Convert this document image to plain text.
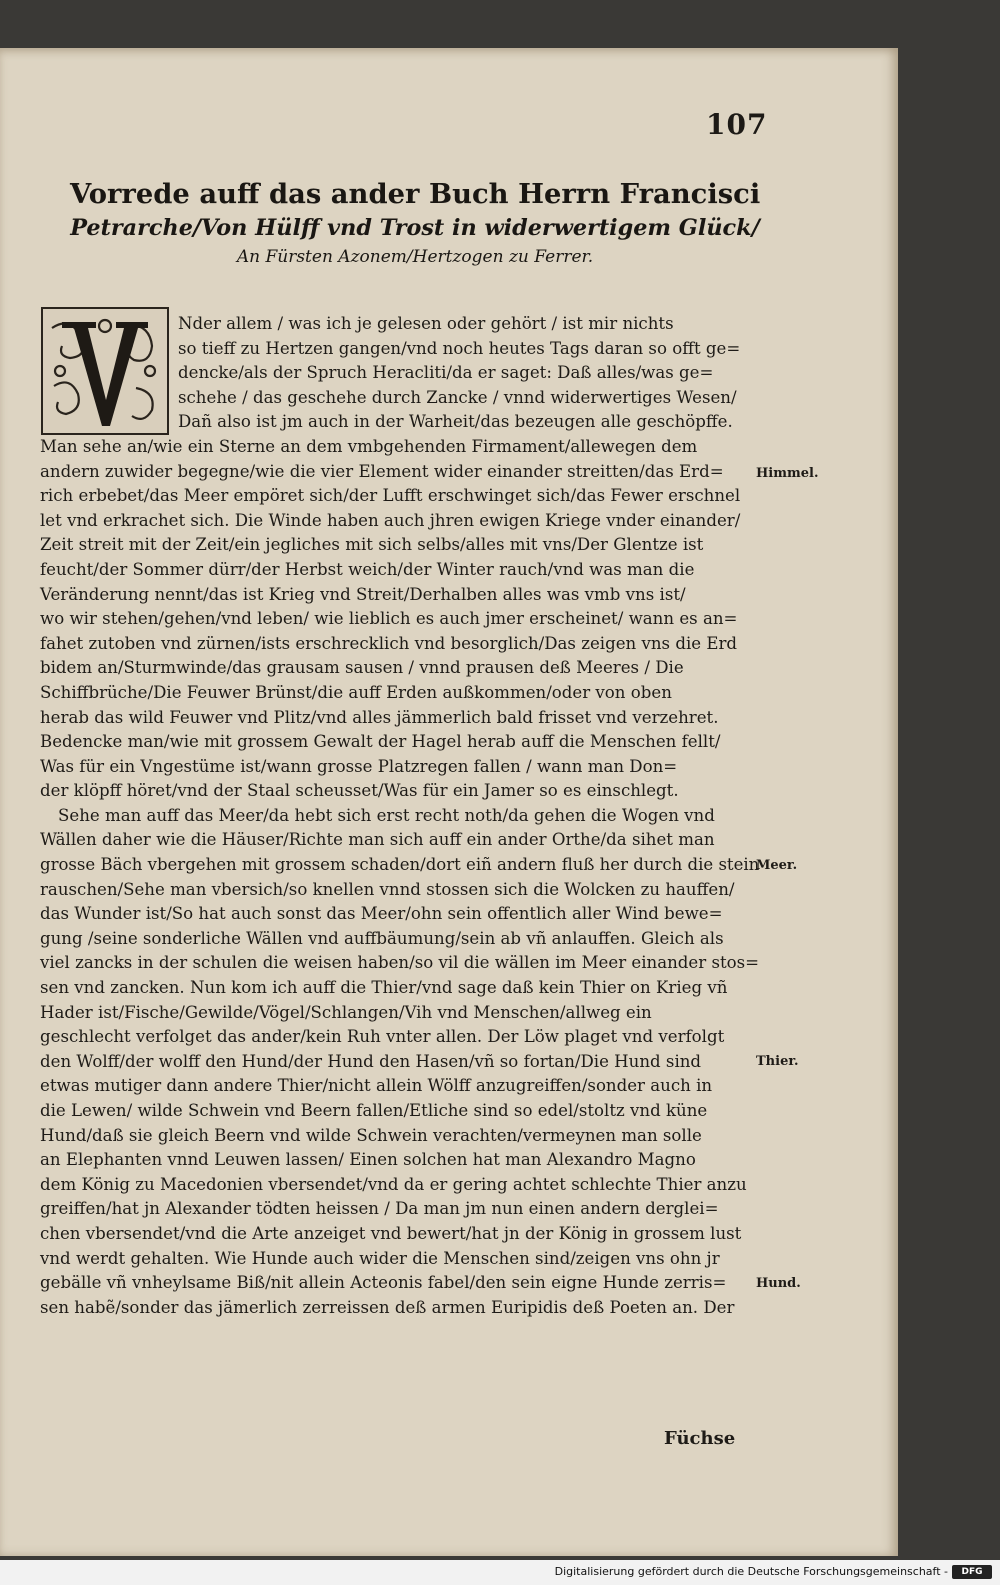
107
Vorrede auff das ander Buch Herrn Francisci
Petrarche/Von Hülff vnd Trost in widerwertigem Glück/
An Fürsten Azonem/Hertzogen zu Ferrer.
Nder allem / was ich je gelesen oder gehört / ist mir nichts
so tieff zu Hertzen gangen/vnd noch heutes Tags daran so offt ge=
dencke/als der Spruch Heracliti/da er saget: Daß alles/was ge=
schehe / das geschehe durch Zancke / vnnd widerwertiges Wesen/
Dañ also ist jm auch in der Warheit/das bezeugen alle geschöpffe.
Man sehe an/wie ein Sterne an dem vmbgehenden Firmament/allewegen dem
andern zuwider begegne/wie die vier Element wider einander streitten/das Erd=
rich erbebet/das Meer empöret sich/der Lufft erschwinget sich/das Fewer erschnel
let vnd erkrachet sich. Die Winde haben auch jhren ewigen Kriege vnder einander/
Zeit streit mit der Zeit/ein jegliches mit sich selbs/alles mit vns/Der Glentze ist
feucht/der Sommer dürr/der Herbst weich/der Winter rauch/vnd was man die
Veränderung nennt/das ist Krieg vnd Streit/Derhalben alles was vmb vns ist/
wo wir stehen/gehen/vnd leben/ wie lieblich es auch jmer erscheinet/ wann es an=
fahet zutoben vnd zürnen/ists erschrecklich vnd besorglich/Das zeigen vns die Erd
bidem an/Sturmwinde/das grausam sausen / vnnd prausen deß Meeres / Die
Schiffbrüche/Die Feuwer Brünst/die auff Erden außkommen/oder von oben
herab das wild Feuwer vnd Plitz/vnd alles jämmerlich bald frisset vnd verzehret.
Bedencke man/wie mit grossem Gewalt der Hagel herab auff die Menschen fellt/
Was für ein Vngestüme ist/wann grosse Platzregen fallen / wann man Don=
der klöpff höret/vnd der Staal scheusset/Was für ein Jamer so es einschlegt.
Sehe man auff das Meer/da hebt sich erst recht noth/da gehen die Wogen vnd
Wällen daher wie die Häuser/Richte man sich auff ein ander Orthe/da sihet man
grosse Bäch vbergehen mit grossem schaden/dort eiñ andern fluß her durch die stein
rauschen/Sehe man vbersich/so knellen vnnd stossen sich die Wolcken zu hauffen/
das Wunder ist/So hat auch sonst das Meer/ohn sein offentlich aller Wind bewe=
gung /seine sonderliche Wällen vnd auffbäumung/sein ab vñ anlauffen. Gleich als
viel zancks in der schulen die weisen haben/so vil die wällen im Meer einander stos=
sen vnd zancken. Nun kom ich auff die Thier/vnd sage daß kein Thier on Krieg vñ
Hader ist/Fische/Gewilde/Vögel/Schlangen/Vih vnd Menschen/allweg ein
geschlecht verfolget das ander/kein Ruh vnter allen. Der Löw plaget vnd verfolgt
den Wolff/der wolff den Hund/der Hund den Hasen/vñ so fortan/Die Hund sind
etwas mutiger dann andere Thier/nicht allein Wölff anzugreiffen/sonder auch in
die Lewen/ wilde Schwein vnd Beern fallen/Etliche sind so edel/stoltz vnd küne
Hund/daß sie gleich Beern vnd wilde Schwein verachten/vermeynen man solle
an Elephanten vnnd Leuwen lassen/ Einen solchen hat man Alexandro Magno
dem König zu Macedonien vbersendet/vnd da er gering achtet schlechte Thier anzu
greiffen/hat jn Alexander tödten heissen / Da man jm nun einen andern derglei=
chen vbersendet/vnd die Arte anzeiget vnd bewert/hat jn der König in grossem lust
vnd werdt gehalten. Wie Hunde auch wider die Menschen sind/zeigen vns ohn jr
gebälle vñ vnheylsame Biß/nit allein Acteonis fabel/den sein eigne Hunde zerris=
sen habẽ/sonder das jämerlich zerreissen deß armen Euripidis deß Poeten an. Der
Himmel.
Meer.
Thier.
Hund.
Füchse
Digitalisierung gefördert durch die Deutsche Forschungsgemeinschaft -	DFG
